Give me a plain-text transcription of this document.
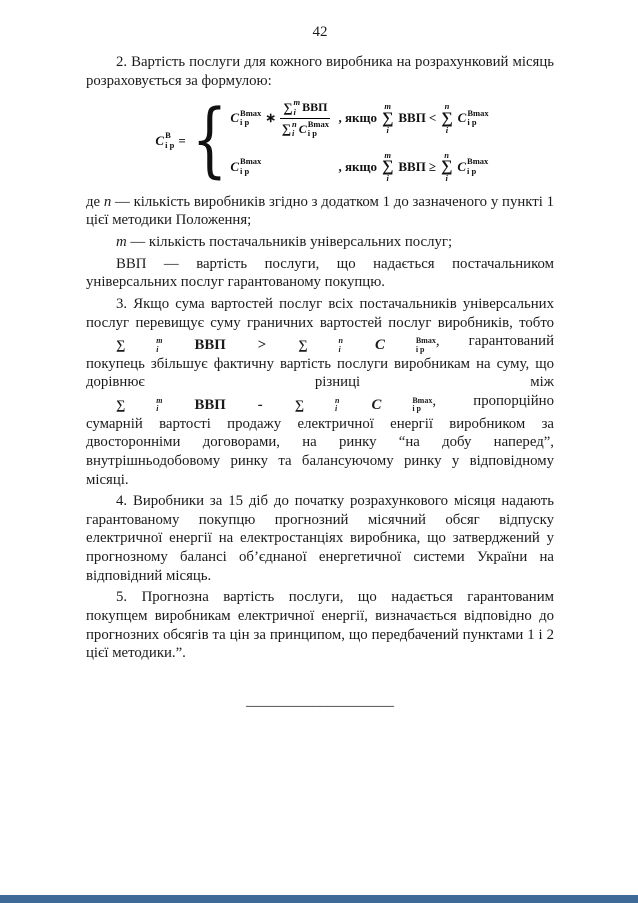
42

2. Вартість послуги для кожного виробника на розрахунковий місяць розраховується за формулою:

C В
i р = { C Вmax
i р	∗
∑ m
i ВВП
∑ n
i C Вmax
i р
, якщо
m
∑
i
ВВП <
n
∑
i
C Вmax
i р
C Вmax
i р	, якщо
m
∑
i
ВВП ≥
n
∑
i
C Вmax
i р

де n — кількість виробників згідно з додатком 1 до зазначеного у пункті 1 цієї методики Положення;

m — кількість постачальників універсальних послуг;

ВВП — вартість послуги, що надається постачальником універсальних послуг гарантованому покупцю.

3. Якщо сума вартостей послуг всіх постачальників універсальних послуг перевищує суму граничних вартостей послуг виробників, тобто
∑	m
i	ВВП	>	∑	n
i	C	Вmax
i р , гарантований покупець збільшує фактичну вартість послуги виробникам на суму, що дорівнює різниці між
∑	m
i	ВВП	-	∑	n
i	C	Вmax
i р , пропорційно сумарній вартості продажу електричної енергії виробником за двосторонніми договорами, на ринку “на добу наперед”, внутрішньодобовому ринку та балансуючому ринку у відповідному місяці.

4. Виробники за 15 діб до початку розрахункового місяця надають гарантованому покупцю прогнозний місячний обсяг відпуску електричної енергії на електростанціях виробника, що затверджений у прогнозному балансі об’єднаної енергетичної системи України на відповідний місяць.

5. Прогнозна вартість послуги, що надається гарантованим покупцем виробникам електричної енергії, визначається відповідно до прогнозних обсягів та цін за принципом, що передбачений пунктами 1 і 2 цієї методики.”.

____________________
